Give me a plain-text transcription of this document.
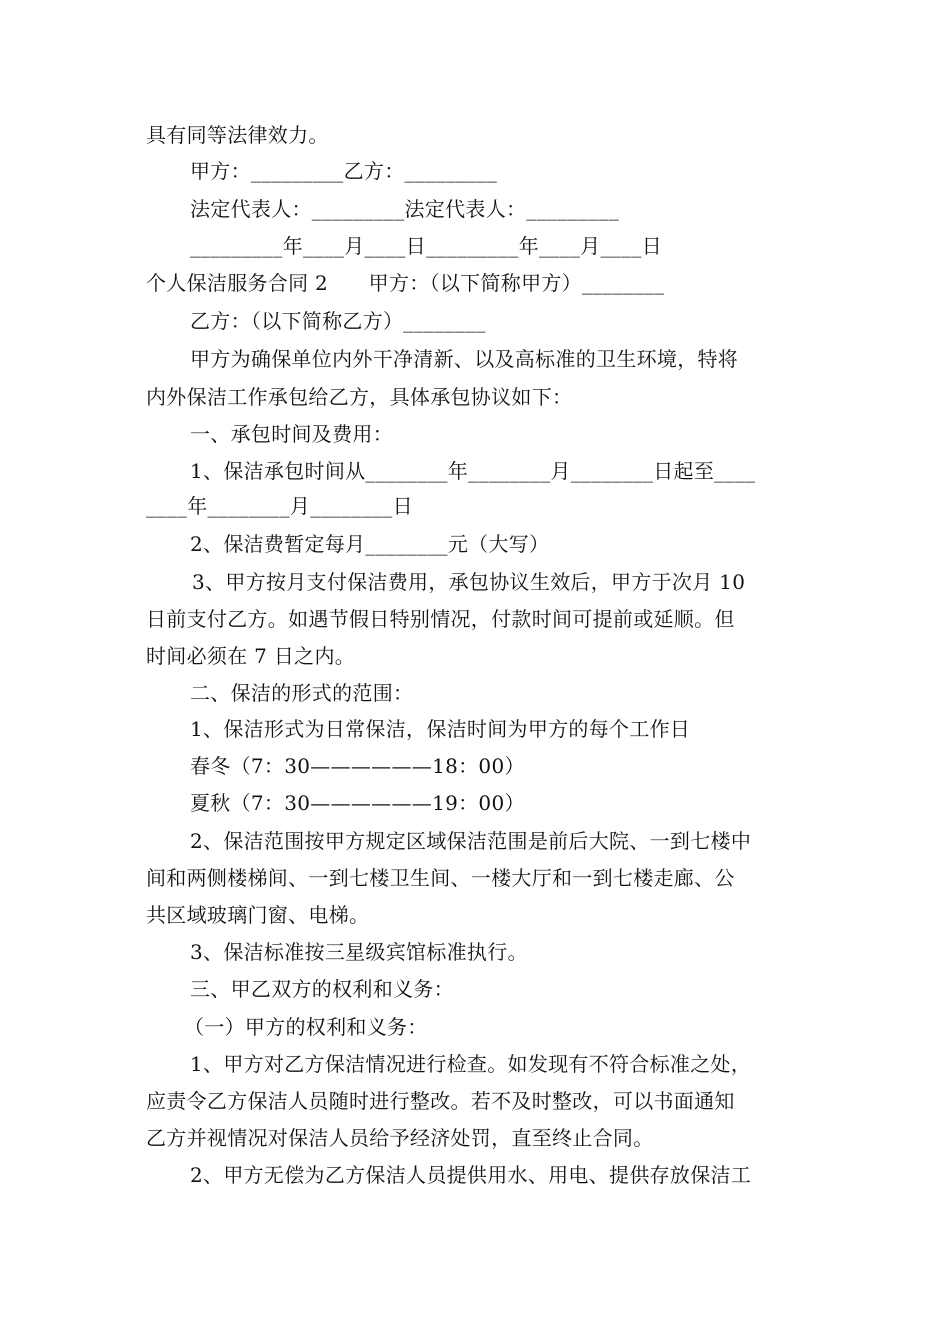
具有同等法律效力。
甲方：_________乙方：_________
法定代表人：_________法定代表人：_________
_________年____月____日_________年____月____日
个人保洁服务合同 2　　甲方：（以下简称甲方）________
乙方：（以下简称乙方）________
甲方为确保单位内外干净清新、以及高标准的卫生环境，特将
内外保洁工作承包给乙方，具体承包协议如下：
一、承包时间及费用：
1、保洁承包时间从________年________月________日起至____
____年________月________日
2、保洁费暂定每月________元（大写）
3、甲方按月支付保洁费用，承包协议生效后，甲方于次月 10
日前支付乙方。如遇节假日特别情况，付款时间可提前或延顺。但
时间必须在 7 日之内。
二、保洁的形式的范围：
1、保洁形式为日常保洁，保洁时间为甲方的每个工作日
春冬（7：30——————18：00）
夏秋（7：30——————19：00）
2、保洁范围按甲方规定区域保洁范围是前后大院、一到七楼中
间和两侧楼梯间、一到七楼卫生间、一楼大厅和一到七楼走廊、公
共区域玻璃门窗、电梯。
3、保洁标准按三星级宾馆标准执行。
三、甲乙双方的权利和义务：
（一）甲方的权利和义务：
1、甲方对乙方保洁情况进行检查。如发现有不符合标准之处，
应责令乙方保洁人员随时进行整改。若不及时整改，可以书面通知
乙方并视情况对保洁人员给予经济处罚，直至终止合同。
2、甲方无偿为乙方保洁人员提供用水、用电、提供存放保洁工
